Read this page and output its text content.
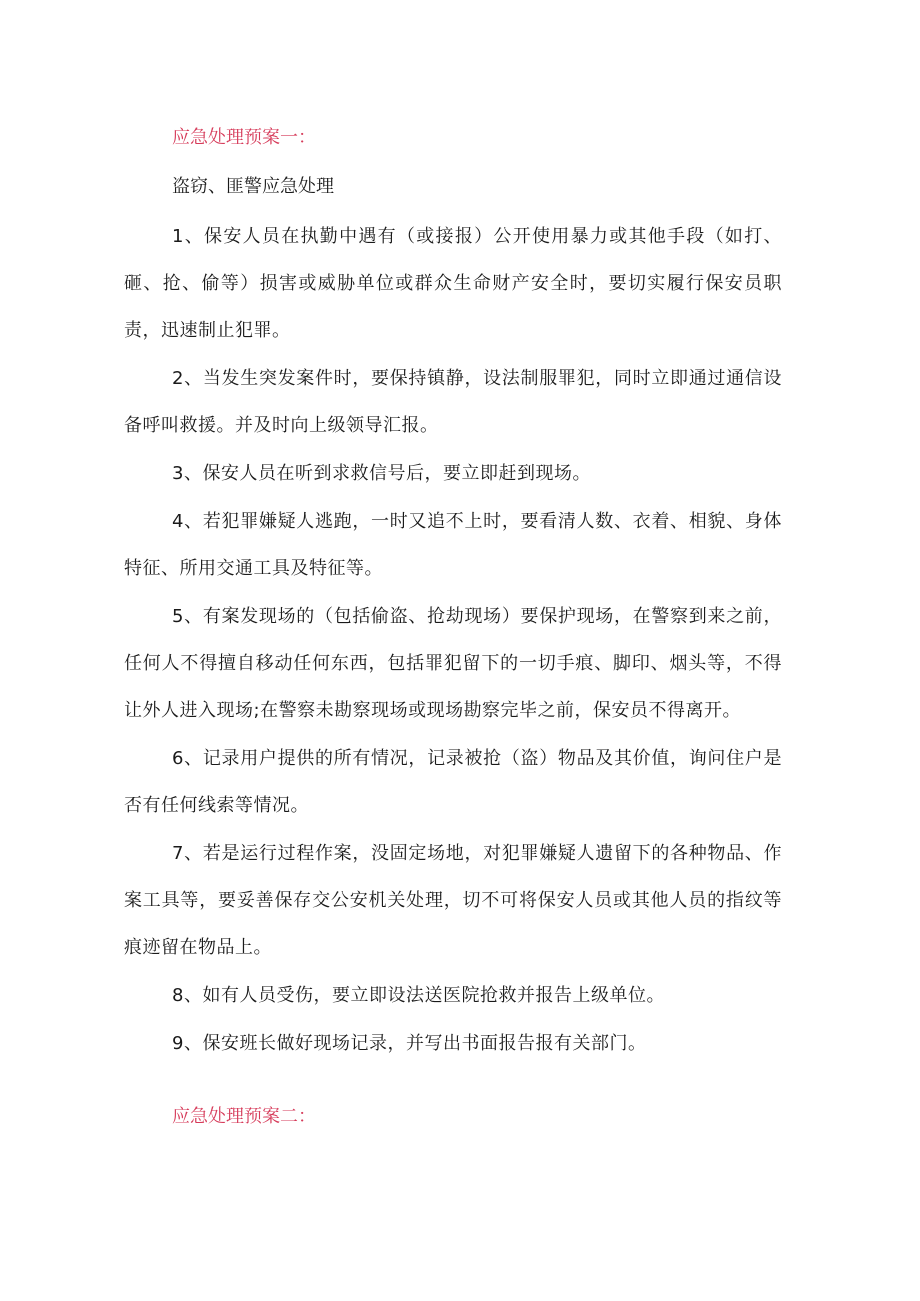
应急处理预案一：

盗窃、匪警应急处理

1、保安人员在执勤中遇有（或接报）公开使用暴力或其他手段（如打、砸、抢、偷等）损害或威胁单位或群众生命财产安全时，要切实履行保安员职责，迅速制止犯罪。

2、当发生突发案件时，要保持镇静，设法制服罪犯，同时立即通过通信设备呼叫救援。并及时向上级领导汇报。

3、保安人员在听到求救信号后，要立即赶到现场。

4、若犯罪嫌疑人逃跑，一时又追不上时，要看清人数、衣着、相貌、身体特征、所用交通工具及特征等。

5、有案发现场的（包括偷盗、抢劫现场）要保护现场，在警察到来之前，任何人不得擅自移动任何东西，包括罪犯留下的一切手痕、脚印、烟头等，不得让外人进入现场;在警察未勘察现场或现场勘察完毕之前，保安员不得离开。

6、记录用户提供的所有情况，记录被抢（盗）物品及其价值，询问住户是否有任何线索等情况。

7、若是运行过程作案，没固定场地，对犯罪嫌疑人遗留下的各种物品、作案工具等，要妥善保存交公安机关处理，切不可将保安人员或其他人员的指纹等痕迹留在物品上。

8、如有人员受伤，要立即设法送医院抢救并报告上级单位。

9、保安班长做好现场记录，并写出书面报告报有关部门。

应急处理预案二：
